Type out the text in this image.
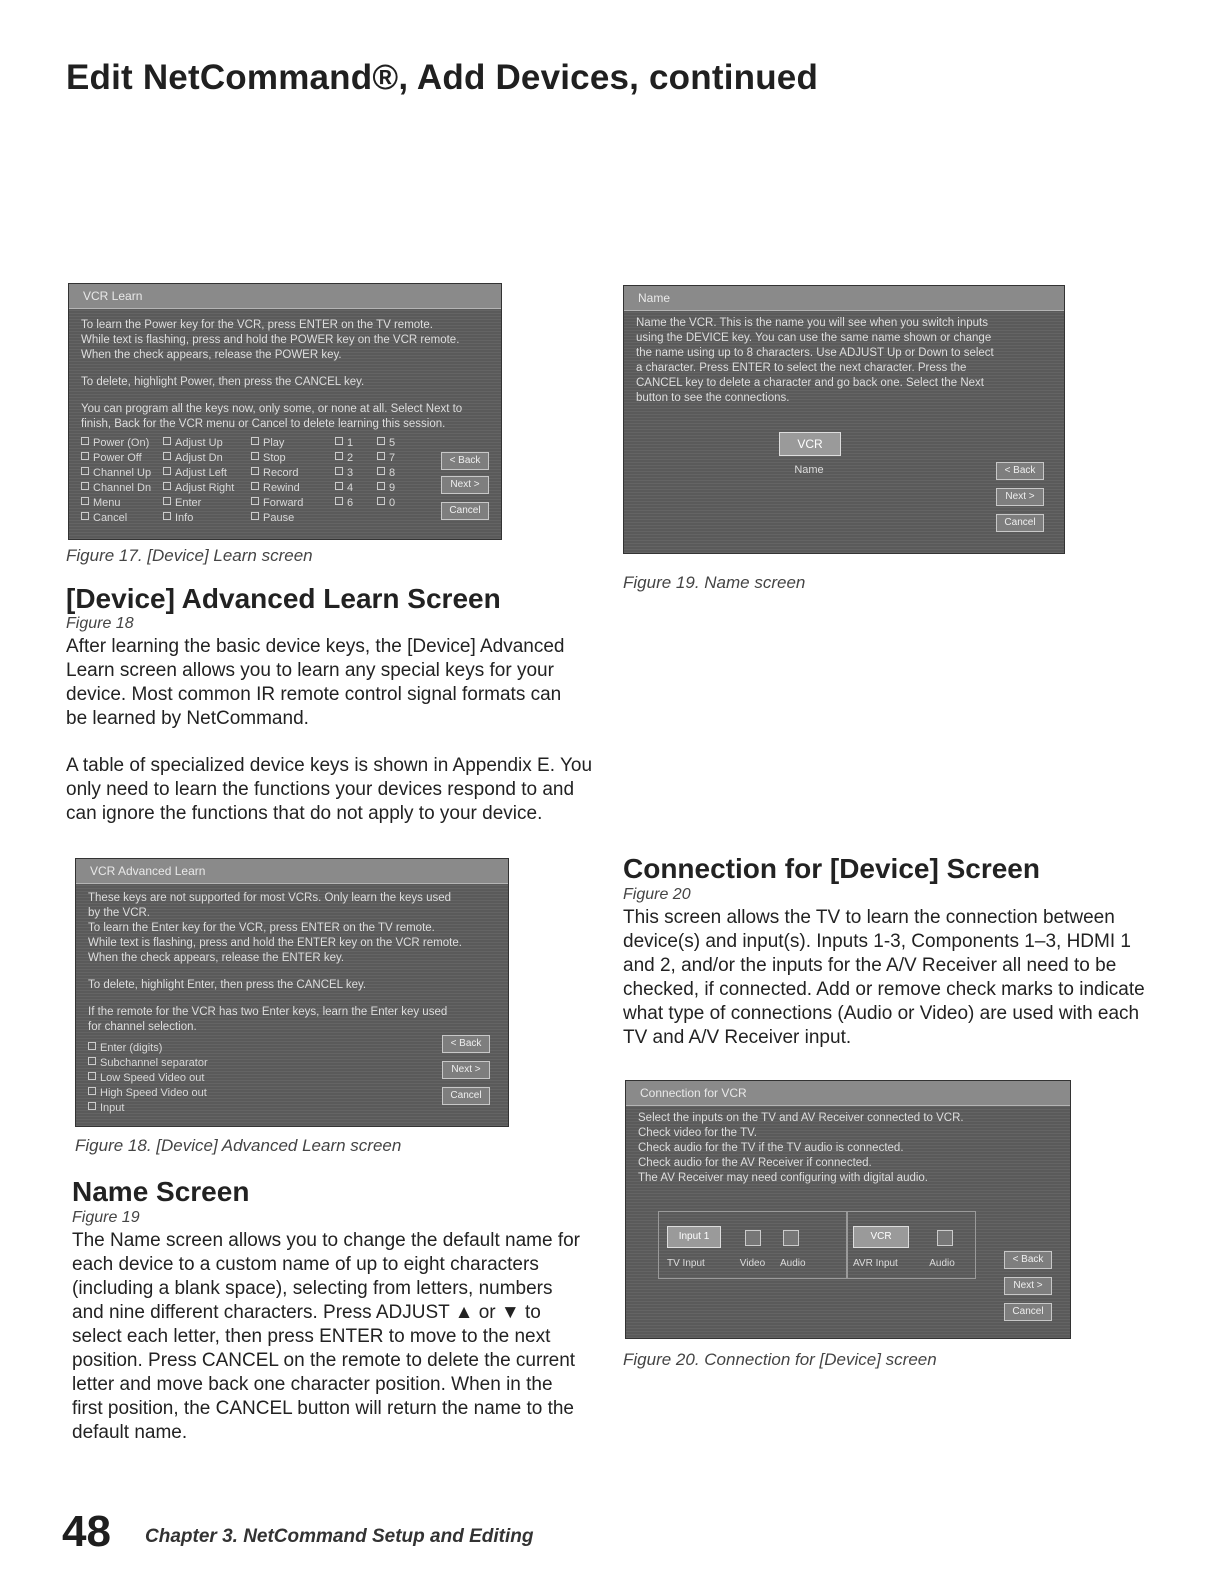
Edit NetCommand®, Add Devices, continued
VCR Learn
To learn the Power key for the VCR, press ENTER on the TV remote.
While text is flashing, press and hold the POWER key on the VCR remote.
When the check appears, release the POWER key.
To delete, highlight Power, then press the CANCEL key.
You can program all the keys now, only some, or none at all. Select Next to
finish, Back for the VCR menu or Cancel to delete learning this session.
Power (On)	Adjust Up	Play	1	5
Power Off	Adjust Dn	Stop	2	7
Channel Up	Adjust Left	Record	3	8
Channel Dn	Adjust Right	Rewind	4	9
Menu	Enter	Forward	6	0
Cancel	Info	Pause
< Back
Next >
Cancel
Figure 17. [Device] Learn screen
[Device] Advanced Learn Screen
Figure 18
After learning the basic device keys, the [Device] Advanced Learn screen allows you to learn any special keys for your device. Most common IR remote control signal formats can be learned by NetCommand.
A table of specialized device keys is shown in Appendix E. You only need to learn the functions your devices respond to and can ignore the functions that do not apply to your device.
VCR Advanced Learn
These keys are not supported for most VCRs. Only learn the keys used
by the VCR.
To learn the Enter key for the VCR, press ENTER on the TV remote.
While text is flashing, press and hold the ENTER key on the VCR remote.
When the check appears, release the ENTER key.
To delete, highlight Enter, then press the CANCEL key.
If the remote for the VCR has two Enter keys, learn the Enter key used
for channel selection.
Enter (digits)
Subchannel separator
Low Speed Video out
High Speed Video out
Input
< Back
Next >
Cancel
Figure 18. [Device] Advanced Learn screen
Name Screen
Figure 19
The Name screen allows you to change the default name for each device to a custom name of up to eight characters (including a blank space), selecting from letters, numbers and nine different characters. Press ADJUST ▲ or ▼ to select each letter, then press ENTER to move to the next position. Press CANCEL on the remote to delete the current letter and move back one character position. When in the first position, the CANCEL button will return the name to the default name.
Name
Name the VCR. This is the name you will see when you switch inputs
using the DEVICE key. You can use the same name shown or change
the name using up to 8 characters. Use ADJUST Up or Down to select
a character. Press ENTER to select the next character. Press the
CANCEL key to delete a character and go back one. Select the Next
button to see the connections.
VCR
Name	< Back
Next >
Cancel
Figure 19. Name screen
Connection for [Device] Screen
Figure 20
This screen allows the TV to learn the connection between device(s) and input(s). Inputs 1-3, Components 1–3, HDMI 1 and 2, and/or the inputs for the A/V Receiver all need to be checked, if connected. Add or remove check marks to indicate what type of connections (Audio or Video) are used with each TV and A/V Receiver input.
Connection for VCR
Select the inputs on the TV and AV Receiver connected to VCR.
Check video for the TV.
Check audio for the TV if the TV audio is connected.
Check audio for the AV Receiver if connected.
The AV Receiver may need configuring with digital audio.
Input 1
TV Input	Video Audio
VCR
AVR Input	Audio	< Back
Next >
Cancel
Figure 20. Connection for [Device] screen
48 Chapter 3. NetCommand Setup and Editing
